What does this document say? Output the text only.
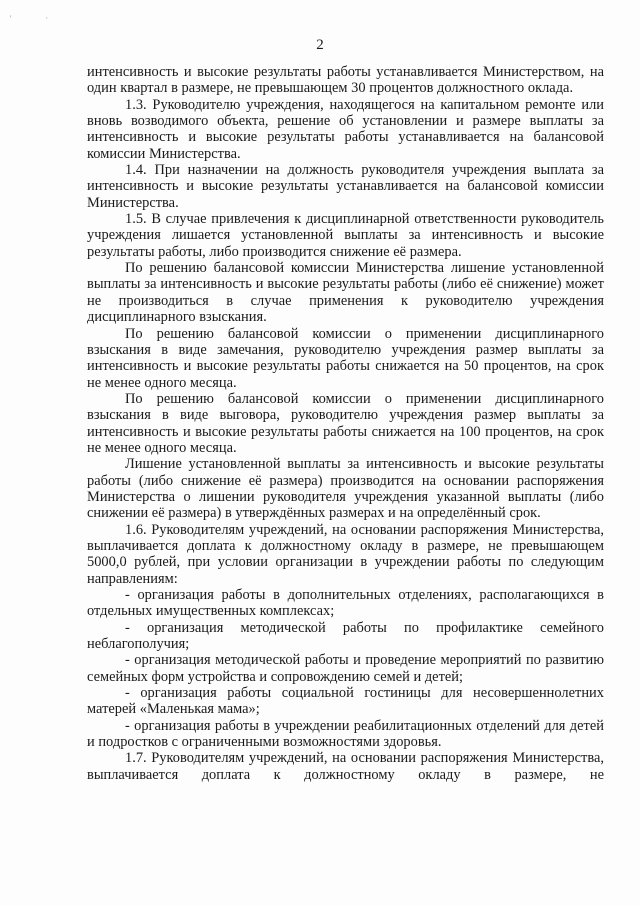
' ·
2

интенсивность и высокие результаты работы устанавливается Министерством, на один квартал в размере, не превышающем 30 процентов должностного оклада.

1.3. Руководителю учреждения, находящегося на капитальном ремонте или вновь возводимого объекта, решение об установлении и размере выплаты за интенсивность и высокие результаты работы устанавливается на балансовой комиссии Министерства.

1.4. При назначении на должность руководителя учреждения выплата за интенсивность и высокие результаты устанавливается на балансовой комиссии Министерства.

1.5. В случае привлечения к дисциплинарной ответственности руководитель учреждения лишается установленной выплаты за интенсивность и высокие результаты работы, либо производится снижение её размера.

По решению балансовой комиссии Министерства лишение установленной выплаты за интенсивность и высокие результаты работы (либо её снижение) может не производиться в случае применения к руководителю учреждения дисциплинарного взыскания.

По решению балансовой комиссии о применении дисциплинарного взыскания в виде замечания, руководителю учреждения размер выплаты за интенсивность и высокие результаты работы снижается на 50 процентов, на срок не менее одного месяца.

По решению балансовой комиссии о применении дисциплинарного взыскания в виде выговора, руководителю учреждения размер выплаты за интенсивность и высокие результаты работы снижается на 100 процентов, на срок не менее одного месяца.

Лишение установленной выплаты за интенсивность и высокие результаты работы (либо снижение её размера) производится на основании распоряжения Министерства о лишении руководителя учреждения указанной выплаты (либо снижении её размера) в утверждённых размерах и на определённый срок.

1.6. Руководителям учреждений, на основании распоряжения Министерства, выплачивается доплата к должностному окладу в размере, не превышающем 5000,0 рублей, при условии организации в учреждении работы по следующим направлениям:

- организация работы в дополнительных отделениях, располагающихся в отдельных имущественных комплексах;

- организация методической работы по профилактике семейного неблагополучия;

- организация методической работы и проведение мероприятий по развитию семейных форм устройства и сопровождению семей и детей;

- организация работы социальной гостиницы для несовершеннолетних матерей «Маленькая мама»;

- организация работы в учреждении реабилитационных отделений для детей и подростков с ограниченными возможностями здоровья.

1.7. Руководителям учреждений, на основании распоряжения Министерства, выплачивается доплата к должностному окладу в размере, не
